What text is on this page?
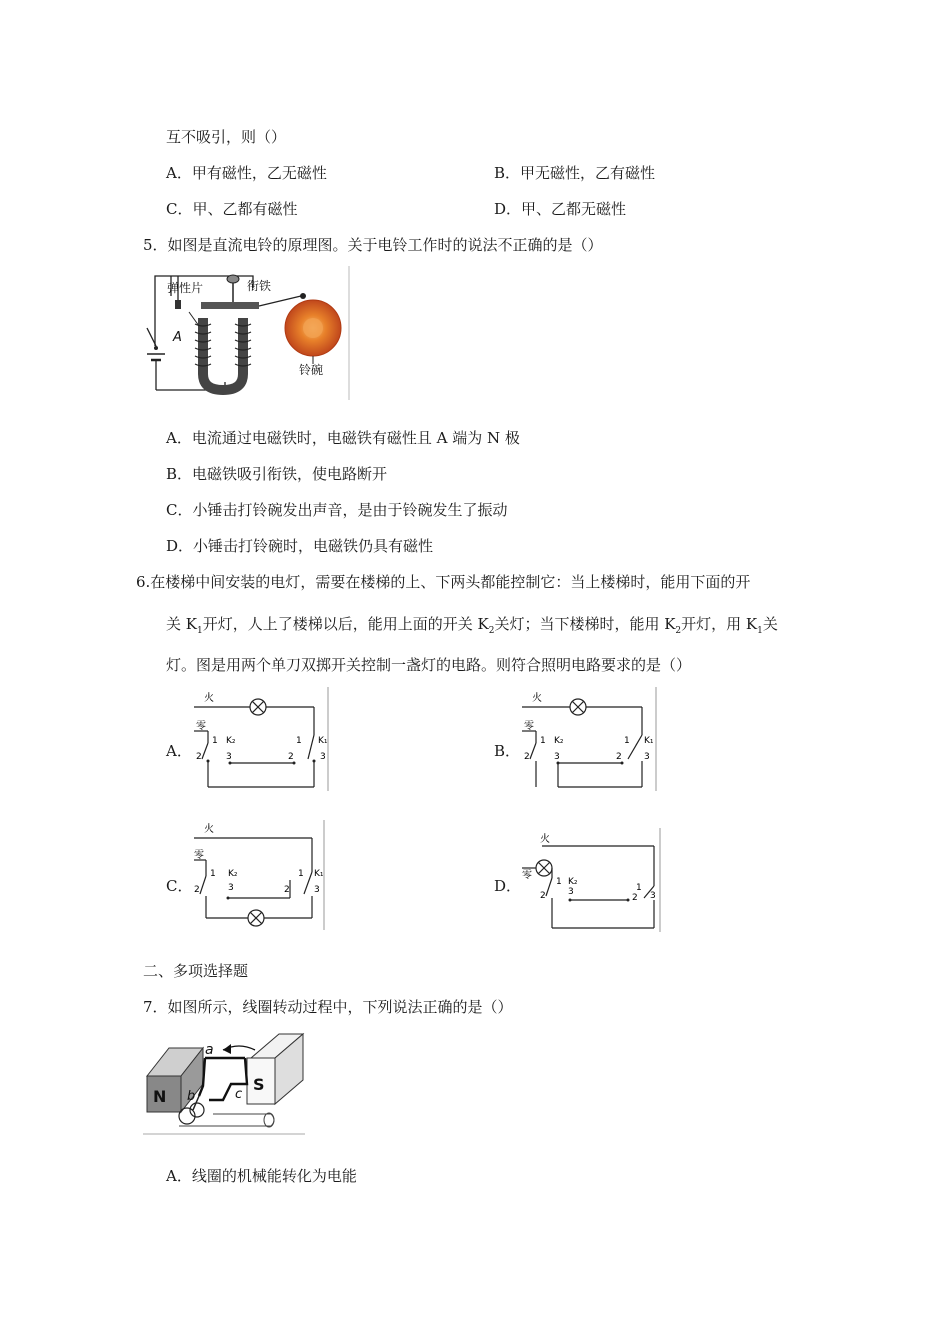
互不吸引，则（）
A．甲有磁性，乙无磁性	B．甲无磁性，乙有磁性
C．甲、乙都有磁性	D．甲、乙都无磁性
5．如图是直流电铃的原理图。关于电铃工作时的说法不正确的是（）
弹性片	衔铁
A
铃碗
A．电流通过电磁铁时，电磁铁有磁性且 A 端为 N 极
B．电磁铁吸引衔铁，使电路断开
C．小锤击打铃碗发出声音，是由于铃碗发生了振动
D．小锤击打铃碗时，电磁铁仍具有磁性
6.在楼梯中间安装的电灯，需要在楼梯的上、下两头都能控制它：当上楼梯时，能用下面的开
关 $K_1$开灯，人上了楼梯以后，能用上面的开关 $K_2$关灯；当下楼梯时，能用 $K_2$开灯，用 $K_1$关
灯。图是用两个单刀双掷开关控制一盏灯的电路。则符合照明电路要求的是（）
A．	B．
C．	D．
火
零
1 K₂
2	3
1 K₁
2	3
火
零
1 K₂
2	3
1 K₁
2 3
火
零
1 K₂
2	3
1 K₁
2	3
火
零
1 K₂
2 3	1
2 3
二、多项选择题
7．如图所示，线圈转动过程中，下列说法正确的是（）
N
S
a
b	c
A．线圈的机械能转化为电能
